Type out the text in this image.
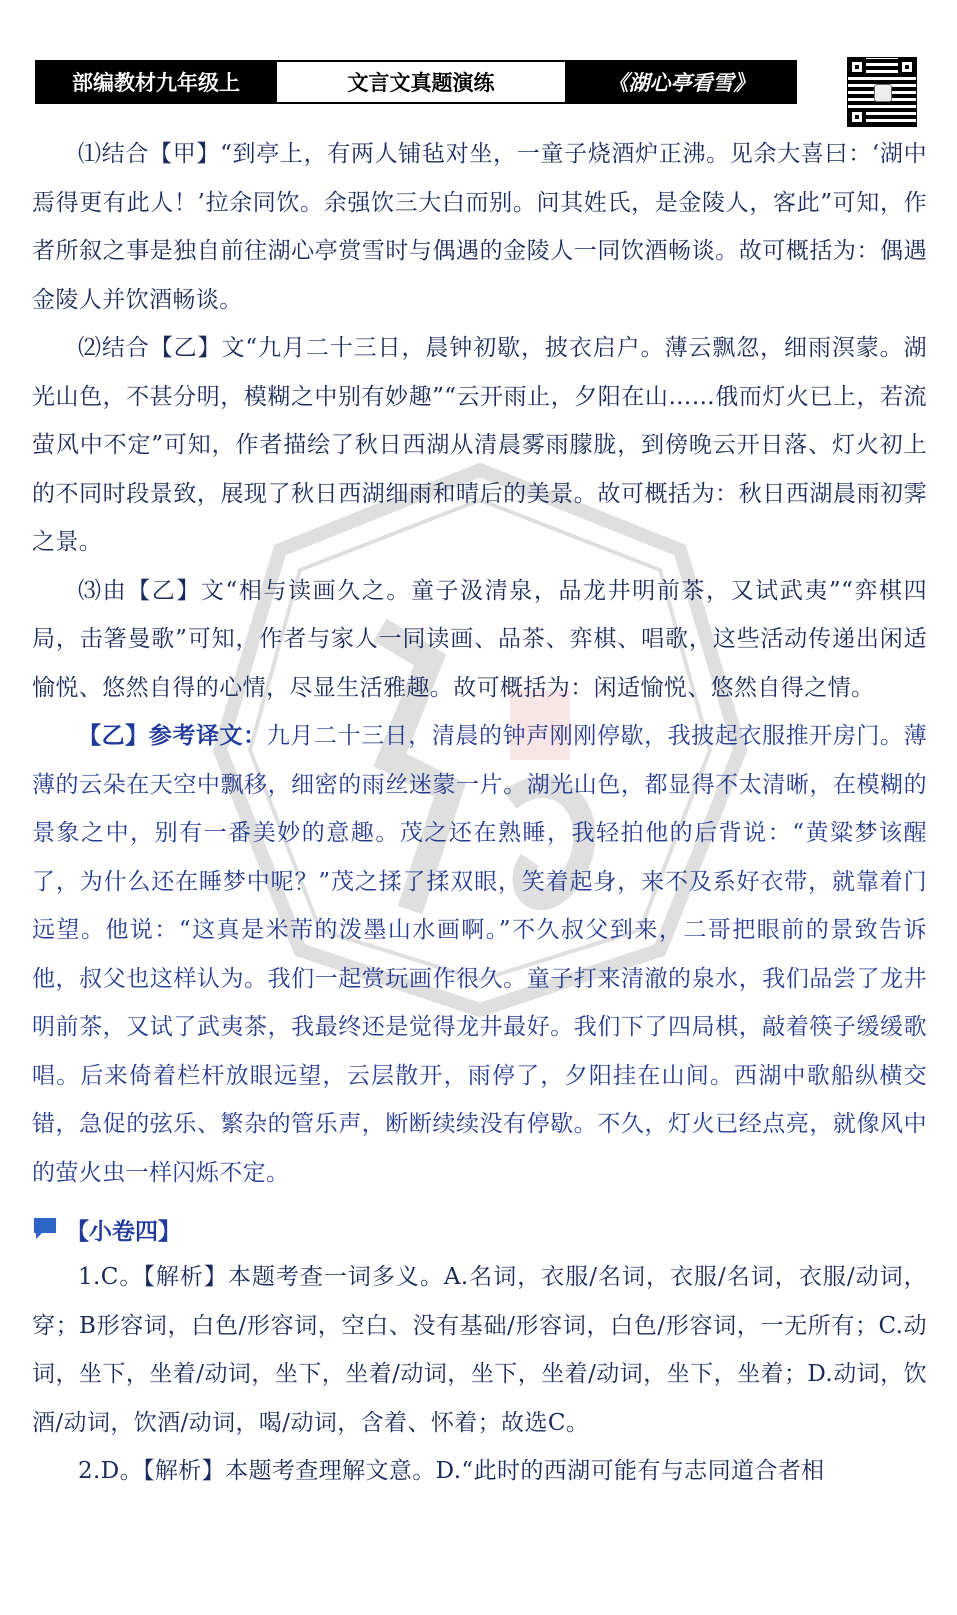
部编教材九年级上	文言文真题演练	《湖心亭看雪》

⑴结合【甲】“到亭上，有两人铺毡对坐，一童子烧酒炉正沸。见余大喜曰：‘湖中焉得更有此人！’拉余同饮。余强饮三大白而别。问其姓氏，是金陵人，客此”可知，作者所叙之事是独自前往湖心亭赏雪时与偶遇的金陵人一同饮酒畅谈。故可概括为：偶遇金陵人并饮酒畅谈。

⑵结合【乙】文“九月二十三日，晨钟初歇，披衣启户。薄云飘忽，细雨溟蒙。湖光山色，不甚分明，模糊之中别有妙趣”“云开雨止，夕阳在山……俄而灯火已上，若流萤风中不定”可知，作者描绘了秋日西湖从清晨雾雨朦胧，到傍晚云开日落、灯火初上的不同时段景致，展现了秋日西湖细雨和晴后的美景。故可概括为：秋日西湖晨雨初霁之景。

⑶由【乙】文“相与读画久之。童子汲清泉，品龙井明前茶，又试武夷”“弈棋四局，击箸曼歌”可知，作者与家人一同读画、品茶、弈棋、唱歌，这些活动传递出闲适愉悦、悠然自得的心情，尽显生活雅趣。故可概括为：闲适愉悦、悠然自得之情。

【乙】参考译文：九月二十三日，清晨的钟声刚刚停歇，我披起衣服推开房门。薄薄的云朵在天空中飘移，细密的雨丝迷蒙一片。湖光山色，都显得不太清晰，在模糊的景象之中，别有一番美妙的意趣。茂之还在熟睡，我轻拍他的后背说：“黄粱梦该醒了，为什么还在睡梦中呢？”茂之揉了揉双眼，笑着起身，来不及系好衣带，就靠着门远望。他说：“这真是米芾的泼墨山水画啊。”不久叔父到来，二哥把眼前的景致告诉他，叔父也这样认为。我们一起赏玩画作很久。童子打来清澈的泉水，我们品尝了龙井明前茶，又试了武夷茶，我最终还是觉得龙井最好。我们下了四局棋，敲着筷子缓缓歌唱。后来倚着栏杆放眼远望，云层散开，雨停了，夕阳挂在山间。西湖中歌船纵横交错，急促的弦乐、繁杂的管乐声，断断续续没有停歇。不久，灯火已经点亮，就像风中的萤火虫一样闪烁不定。

【小卷四】

1.C。【解析】本题考查一词多义。A.名词，衣服/名词，衣服/名词，衣服/动词，穿；B形容词，白色/形容词，空白、没有基础/形容词，白色/形容词，一无所有；C.动词，坐下，坐着/动词，坐下，坐着/动词，坐下，坐着/动词，坐下，坐着；D.动词，饮酒/动词，饮酒/动词，喝/动词，含着、怀着；故选C。

2.D。【解析】本题考查理解文意。D.“此时的西湖可能有与志同道合者相
